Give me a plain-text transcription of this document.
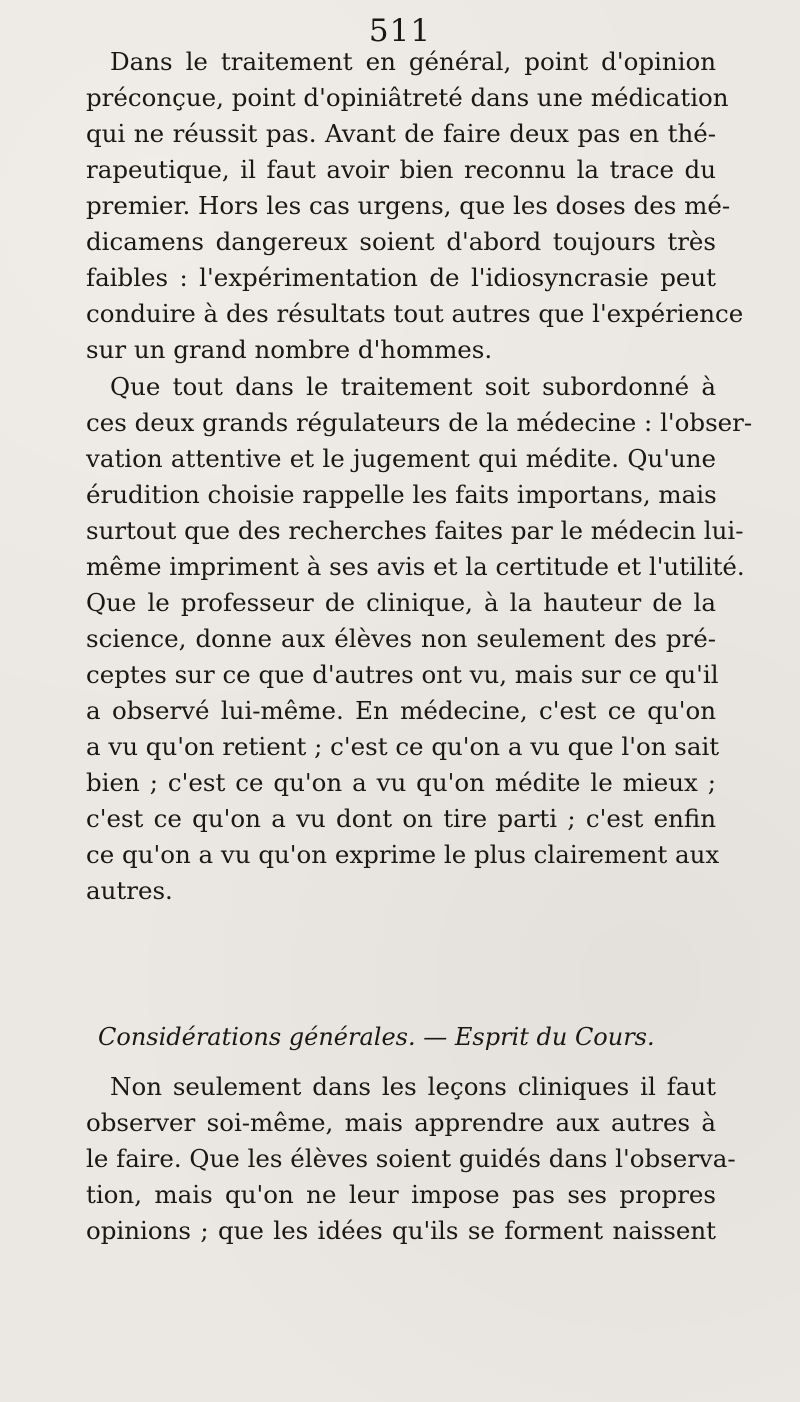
511
Dans le traitement en général, point d'opinion
préconçue, point d'opiniâtreté dans une médication
qui ne réussit pas. Avant de faire deux pas en thé-
rapeutique, il faut avoir bien reconnu la trace du
premier. Hors les cas urgens, que les doses des mé-
dicamens dangereux soient d'abord toujours très
faibles : l'expérimentation de l'idiosyncrasie peut
conduire à des résultats tout autres que l'expérience
sur un grand nombre d'hommes.
Que tout dans le traitement soit subordonné à
ces deux grands régulateurs de la médecine : l'obser-
vation attentive et le jugement qui médite. Qu'une
érudition choisie rappelle les faits importans, mais
surtout que des recherches faites par le médecin lui-
même impriment à ses avis et la certitude et l'utilité.
Que le professeur de clinique, à la hauteur de la
science, donne aux élèves non seulement des pré-
ceptes sur ce que d'autres ont vu, mais sur ce qu'il
a observé lui-même. En médecine, c'est ce qu'on
a vu qu'on retient ; c'est ce qu'on a vu que l'on sait
bien ; c'est ce qu'on a vu qu'on médite le mieux ;
c'est ce qu'on a vu dont on tire parti ; c'est enfin
ce qu'on a vu qu'on exprime le plus clairement aux
autres.
Considérations générales. — Esprit du Cours.
Non seulement dans les leçons cliniques il faut
observer soi-même, mais apprendre aux autres à
le faire. Que les élèves soient guidés dans l'observa-
tion, mais qu'on ne leur impose pas ses propres
opinions ; que les idées qu'ils se forment naissent
